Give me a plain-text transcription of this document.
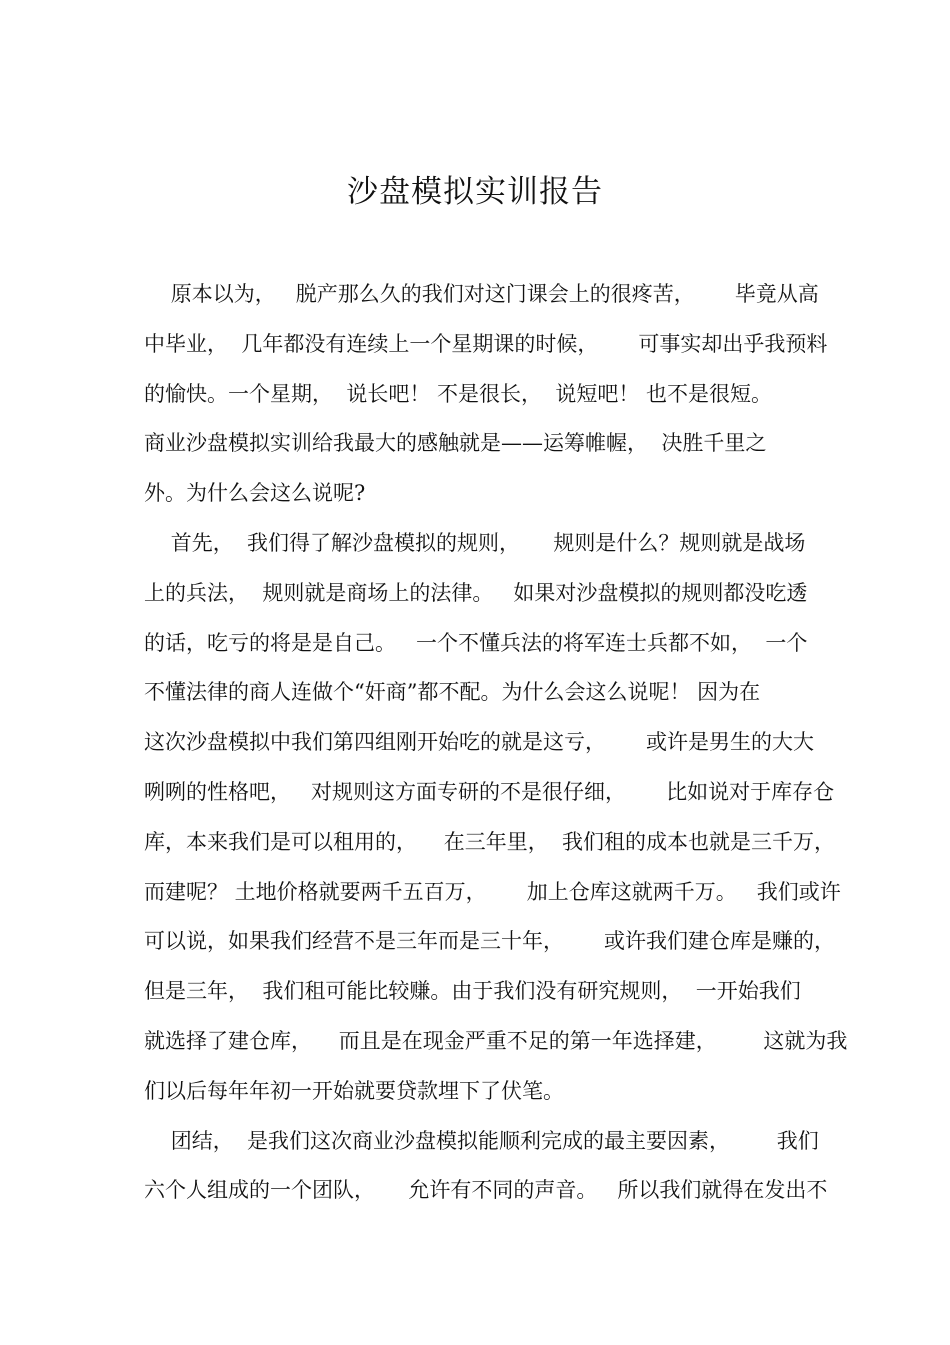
沙盘模拟实训报告
原本以为，   脱产那么久的我们对这门课会上的很疼苦，      毕竟从高
中毕业，  几年都没有连续上一个星期课的时候，      可事实却出乎我预料
的愉快。一个星期，  说长吧！ 不是很长，  说短吧！ 也不是很短。
商业沙盘模拟实训给我最大的感触就是——运筹帷幄，  决胜千里之
外。为什么会这么说呢?
首先，  我们得了解沙盘模拟的规则，     规则是什么？规则就是战场
上的兵法，  规则就是商场上的法律。   如果对沙盘模拟的规则都没吃透
的话，吃亏的将是是自己。   一个不懂兵法的将军连士兵都不如，  一个
不懂法律的商人连做个“奸商”都不配。为什么会这么说呢！ 因为在
这次沙盘模拟中我们第四组刚开始吃的就是这亏，      或许是男生的大大
咧咧的性格吧，   对规则这方面专研的不是很仔细，      比如说对于库存仓
库，本来我们是可以租用的，    在三年里，  我们租的成本也就是三千万，
而建呢？ 土地价格就要两千五百万，      加上仓库这就两千万。   我们或许
可以说，如果我们经营不是三年而是三十年，      或许我们建仓库是赚的，
但是三年，  我们租可能比较赚。由于我们没有研究规则，  一开始我们
就选择了建仓库，    而且是在现金严重不足的第一年选择建，       这就为我
们以后每年年初一开始就要贷款埋下了伏笔。
团结，  是我们这次商业沙盘模拟能顺利完成的最主要因素，       我们
六个人组成的一个团队，     允许有不同的声音。   所以我们就得在发出不
